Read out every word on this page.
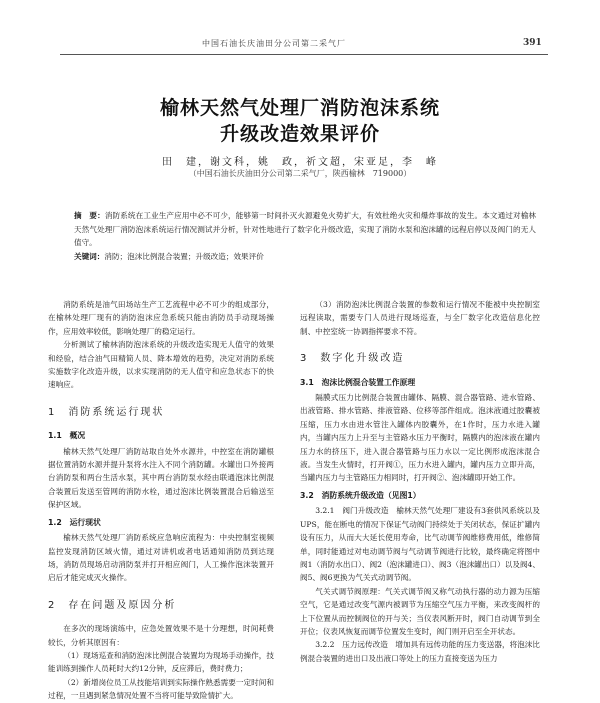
中国石油长庆油田分公司第二采气厂	391
榆林天然气处理厂消防泡沫系统
升级改造效果评价
田　建，谢文科，姚　政，祈文超，宋亚足，李　峰
（中国石油长庆油田分公司第二采气厂，陕西榆林　719000）
摘　要：消防系统在工业生产应用中必不可少，能够第一时间扑灭火源避免火势扩大，有效杜绝火灾和爆炸事故的发生。本文通过对榆林天然气处理厂消防泡沫系统运行情况测试并分析，针对性地进行了数字化升级改造，实现了消防水泵和泡沫罐的远程启停以及阀门的无人值守。
关键词：消防；泡沫比例混合装置；升级改造；效果评价

消防系统是油气田场站生产工艺流程中必不可少的组成部分，在榆林处理厂现有的消防泡沫应急系统只能由消防员手动现场操作，应用效率较低，影响处理厂的稳定运行。

分析测试了榆林消防泡沫系统的升级改造实现无人值守的效果和经验，结合油气田精简人员、降本增效的趋势，决定对消防系统实施数字化改造升级，以求实现消防的无人值守和应急状态下的快速响应。

1　消防系统运行现状
1.1　概况

榆林天然气处理厂消防站取自处外水源井，中控室在消防罐根据位置消防水源并提升泵将水注入不同个消防罐。水罐出口外接两台消防泵和两台生活水泵，其中两台消防泵水经由联通泡沫比例混合装置后发送至管网的消防水栓，通过泡沫比例装置混合后输送至保护区域。

1.2　运行现状

榆林天然气处理厂消防系统应急响应流程为：中央控制室视频监控发现消防区域火情，通过对讲机或者电话通知消防员到达现场，消防员现场启动消防泵并打开相应阀门，人工操作泡沫装置开启后才能完成灭火操作。

2　存在问题及原因分析

在多次的现场演练中，应急处置效果不是十分理想，时间耗费较长，分析其原因有：

（1）现场巡查和消防泡沫比例混合装置均为现场手动操作，技能训练到操作人员耗时大约12分钟，反应滞后，费时费力；

（2）新增岗位员工从技能培训到实际操作熟悉需要一定时间和过程，一旦遇到紧急情况处置不当将可能导致险情扩大。

（3）消防泡沫比例混合装置的参数和运行情况不能被中央控制室远程读取，需要专门人员进行现场巡查，与全厂数字化改造信息化控制、中控室统一协调指挥要求不符。

3　数字化升级改造
3.1　泡沫比例混合装置工作原理

隔膜式压力比例混合装置由罐体、隔膜、混合器管路、进水管路、出液管路、排水管路、排液管路、位移等部件组成。泡沫液通过胶囊被压缩，压力水由进水管注入罐体内胶囊外，在1作时，压力水进入罐内，当罐内压力上升至与主管路水压力平衡时，隔膜内的泡沫液在罐内压力水的挤压下，进入混合器管路与压力水以一定比例形成泡沫混合液。当发生火情时，打开阀①，压力水进入罐内，罐内压力立即升高，当罐内压力与主管路压力相同时，打开阀②、泡沫罐即开始工作。

3.2　消防系统升级改造（见图1）

3.2.1　阀门升级改造　榆林天然气处理厂建设有3套供风系统以及UPS，能在断电的情况下保证气动阀门持续处于关闭状态，保证扩罐内设有压力，从而大大延长使用寿命，比气动调节阀维修费用低，维修简单，同时能通过对电动调节阀与气动调节阀进行比较，最终确定将图中阀1（消防水出口）、阀2（泡沫罐进口）、阀3（泡沫罐出口）以及阀4、阀5、阀6更换为气关式动调节阀。

气关式调节阀原理：气关式调节阀又称气动执行器的动力源为压缩空气，它是通过改变气源内被调节为压缩空气压力平衡，来改变阀杆的上下位置从而控制阀位的开与关；当仪表风断开时，阀门自动调节到全开位；仪表风恢复而调节位置发生变时，阀门则开启至全开状态。

3.2.2　压力远传改造　增加具有远传功能的压力变送器，将泡沫比例混合装置的进出口及出液口等处上的压力直接变送为压力
